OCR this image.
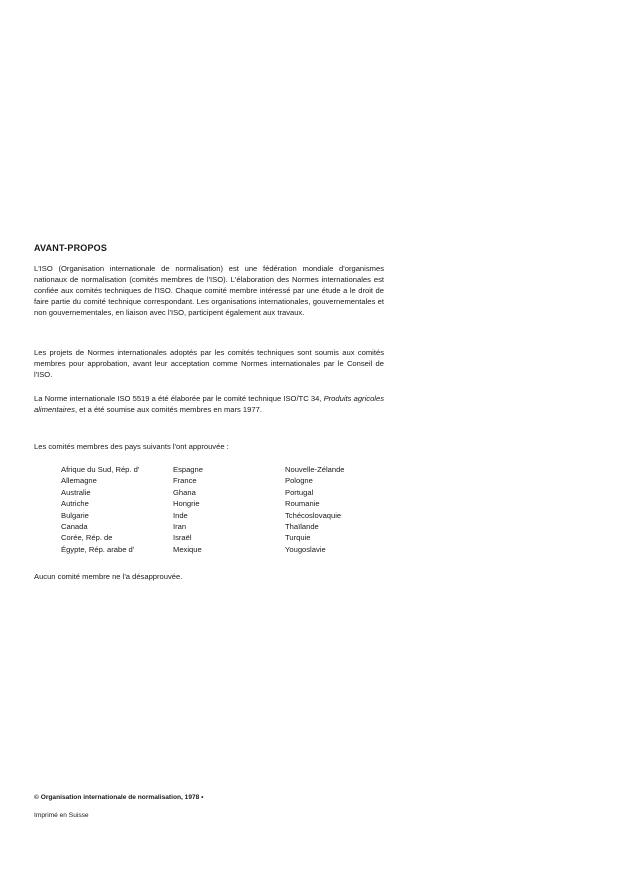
AVANT-PROPOS

L'ISO (Organisation internationale de normalisation) est une fédération mondiale d'organismes nationaux de normalisation (comités membres de l'ISO). L'élaboration des Normes internationales est confiée aux comités techniques de l'ISO. Chaque comité membre intéressé par une étude a le droit de faire partie du comité technique correspondant. Les organisations internationales, gouvernementales et non gouvernementales, en liaison avec l'ISO, participent également aux travaux.

Les projets de Normes internationales adoptés par les comités techniques sont soumis aux comités membres pour approbation, avant leur acceptation comme Normes internationales par le Conseil de l'ISO.

La Norme internationale ISO 5519 a été élaborée par le comité technique ISO/TC 34, Produits agricoles alimentaires, et a été soumise aux comités membres en mars 1977.

Les comités membres des pays suivants l'ont approuvée :

Afrique du Sud, Rép. d'
Allemagne
Australie
Autriche
Bulgarie
Canada
Corée, Rép. de
Égypte, Rép. arabe d'
Espagne
France
Ghana
Hongrie
Inde
Iran
Israël
Mexique
Nouvelle-Zélande
Pologne
Portugal
Roumanie
Tchécoslovaquie
Thaïlande
Turquie
Yougoslavie

Aucun comité membre ne l'a désapprouvée.

© Organisation internationale de normalisation, 1978 •
Imprimé en Suisse
